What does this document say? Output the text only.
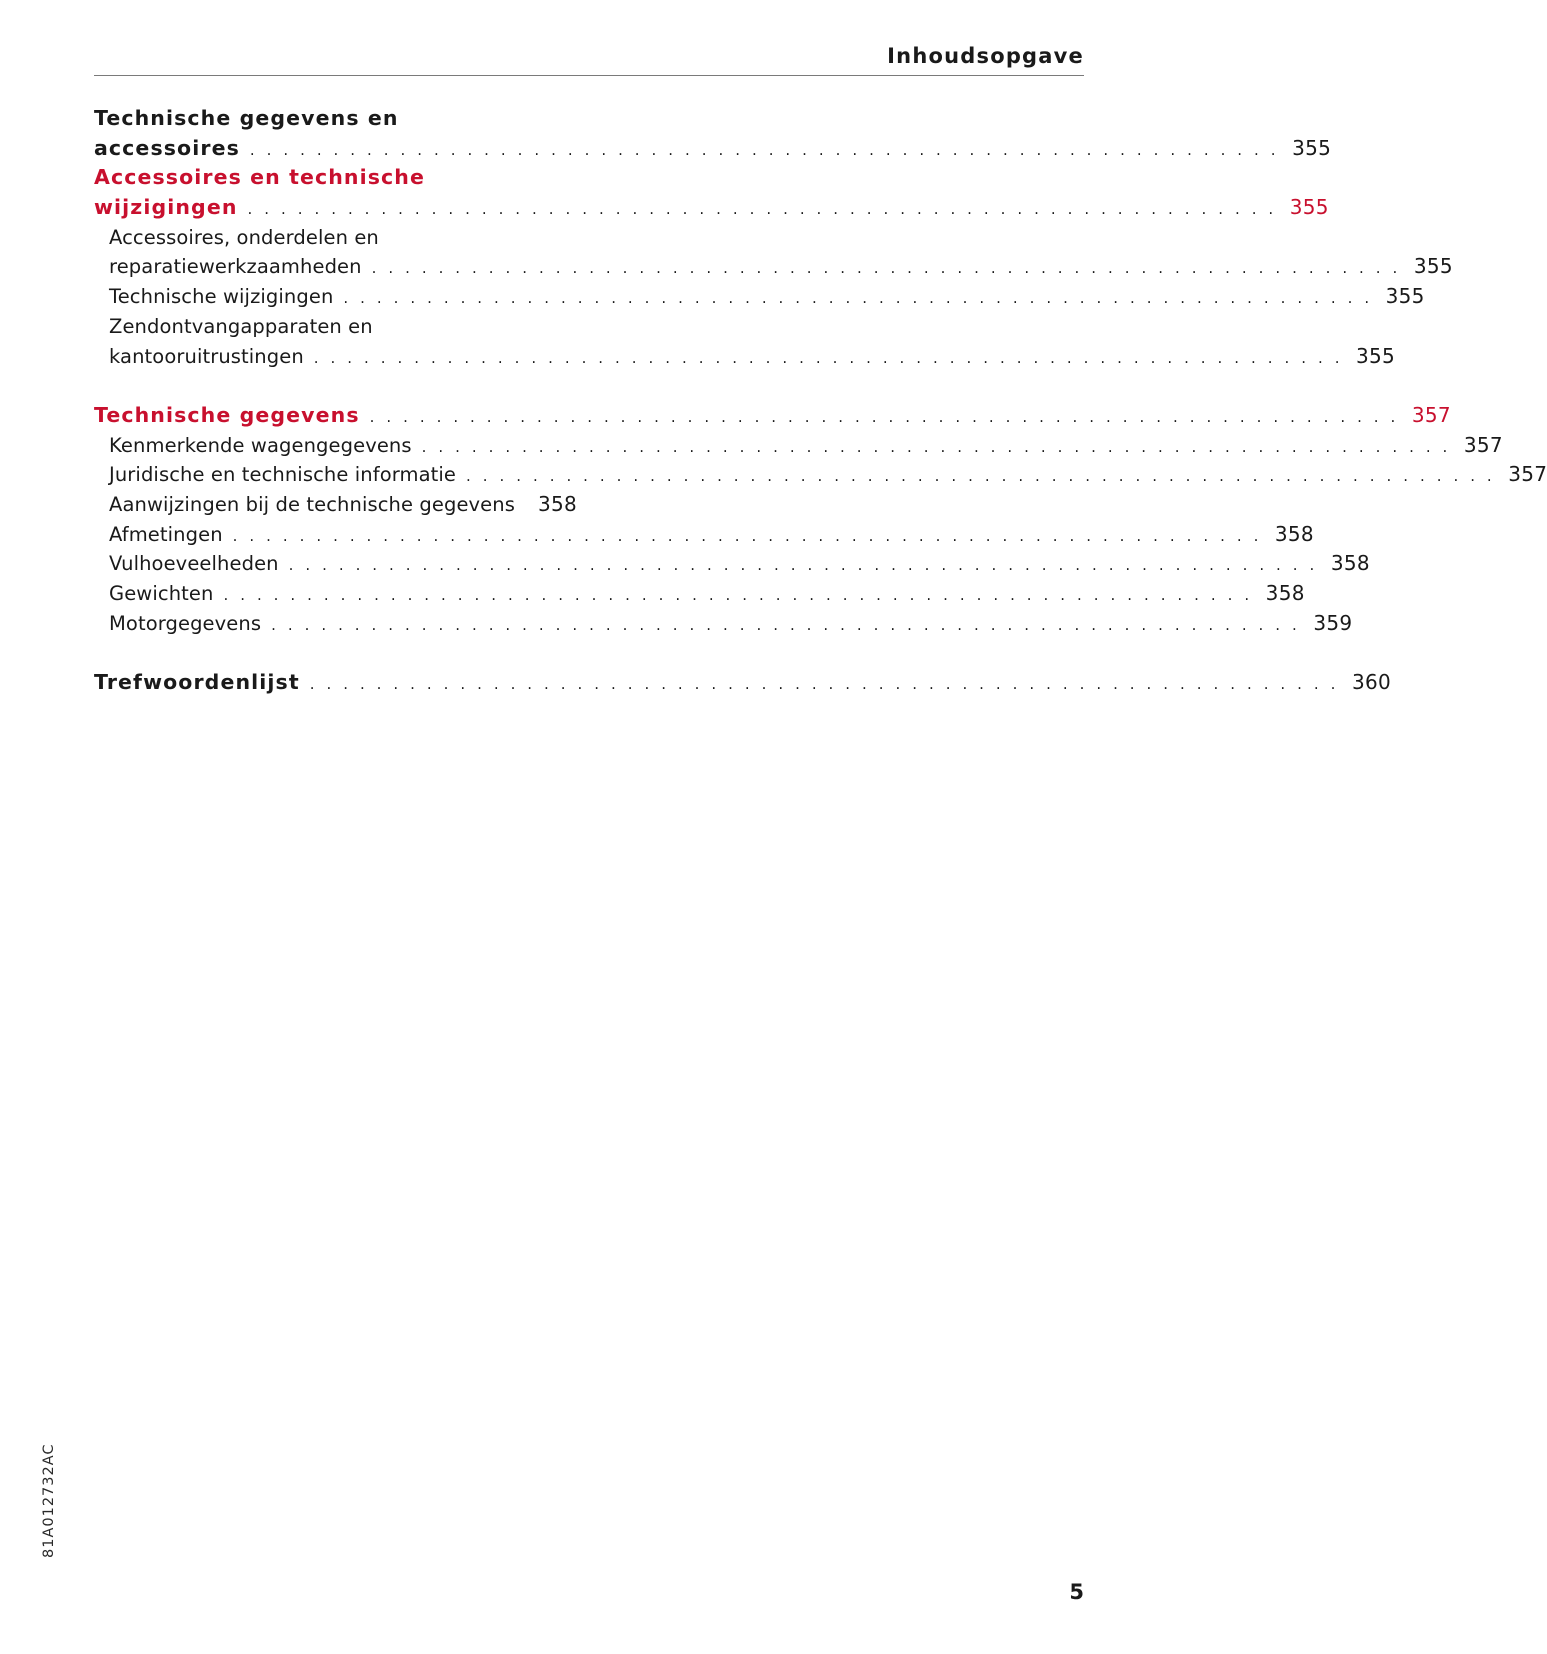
Inhoudsopgave
Technische gegevens en
accessoires . . .	355
Accessoires en technische
wijzigingen . . .	355
Accessoires, onderdelen en
reparatiewerkzaamheden . . .	355
Technische wijzigingen . . .	355
Zendontvangapparaten en
kantooruitrustingen . . .	355
Technische gegevens . . .	357
Kenmerkende wagengegevens . . .	357
Juridische en technische informatie . . .	357
Aanwijzingen bij de technische gegevens	358
Afmetingen . . .	358
Vulhoeveelheden . . .	358
Gewichten . . .	358
Motorgegevens . . .	359
Trefwoordenlijst . . .	360
81A012732AC
5
